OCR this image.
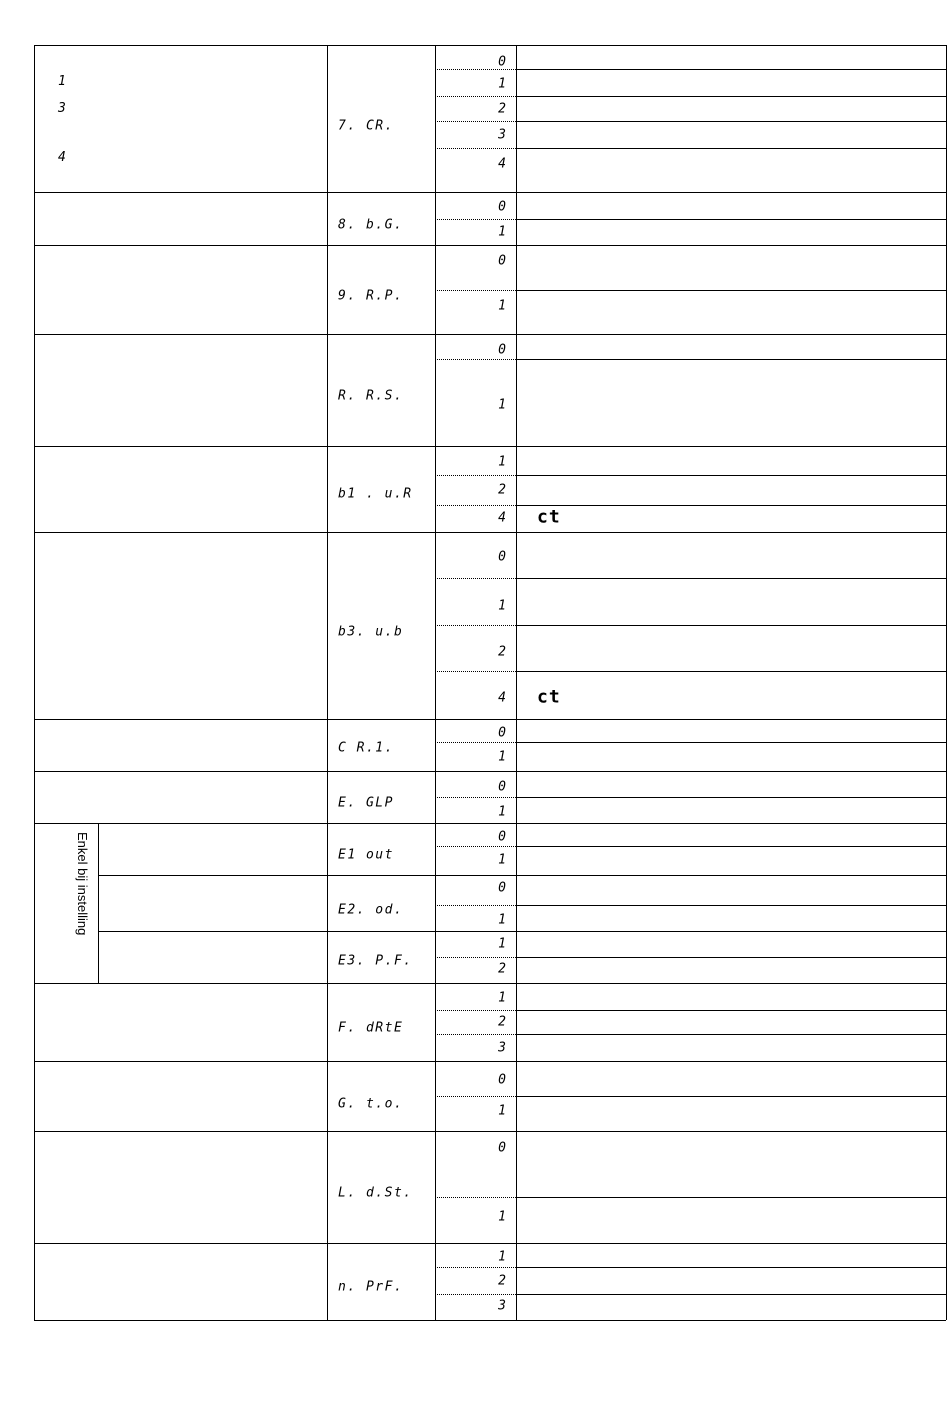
1
3
4
Enkel bij instelling
7. CR.
0
1
2
3
4
8. b.G.
0
1
9. R.P.
0
1
R. R.S.
0
1
b1 . u.R
1
2
4
b3. u.b
0
1
2
4
C R.1.
0
1
E. GLP
0
1
E1 out
0
1
E2. od.
0
1
E3. P.F.
1
2
F. dRtE
1
2
3
G. t.o.
0
1
L. d.St.
0
1
n. PrF.
1
2
3
ct
ct
